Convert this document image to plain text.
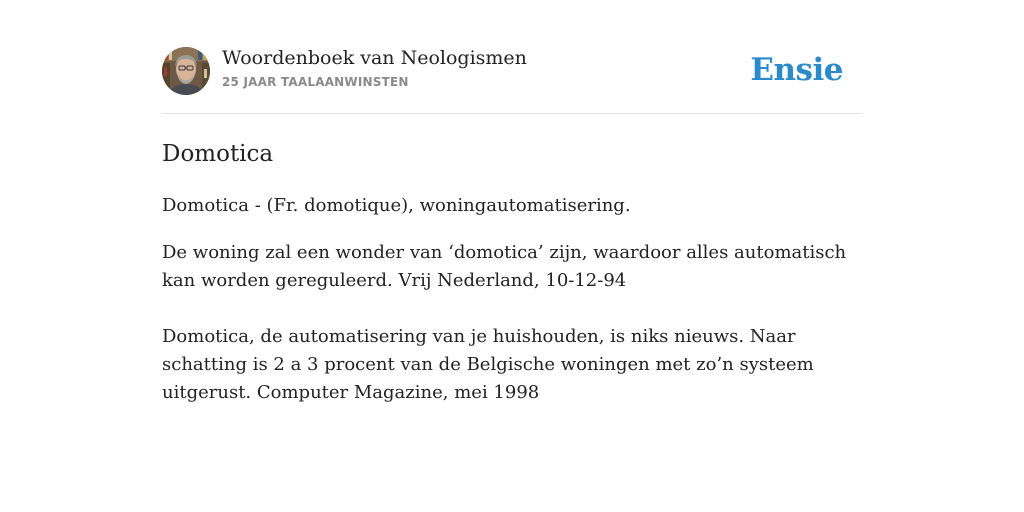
Woordenboek van Neologismen
25 JAAR TAALAANWINSTEN	Ensie
Domotica

Domotica - (Fr. domotique), woningautomatisering.

De woning zal een wonder van ‘domotica’ zijn, waardoor alles automatisch kan worden gereguleerd. Vrij Nederland, 10-12-94

Domotica, de automatisering van je huishouden, is niks nieuws. Naar schatting is 2 a 3 procent van de Belgische woningen met zo’n systeem uitgerust. Computer Magazine, mei 1998
